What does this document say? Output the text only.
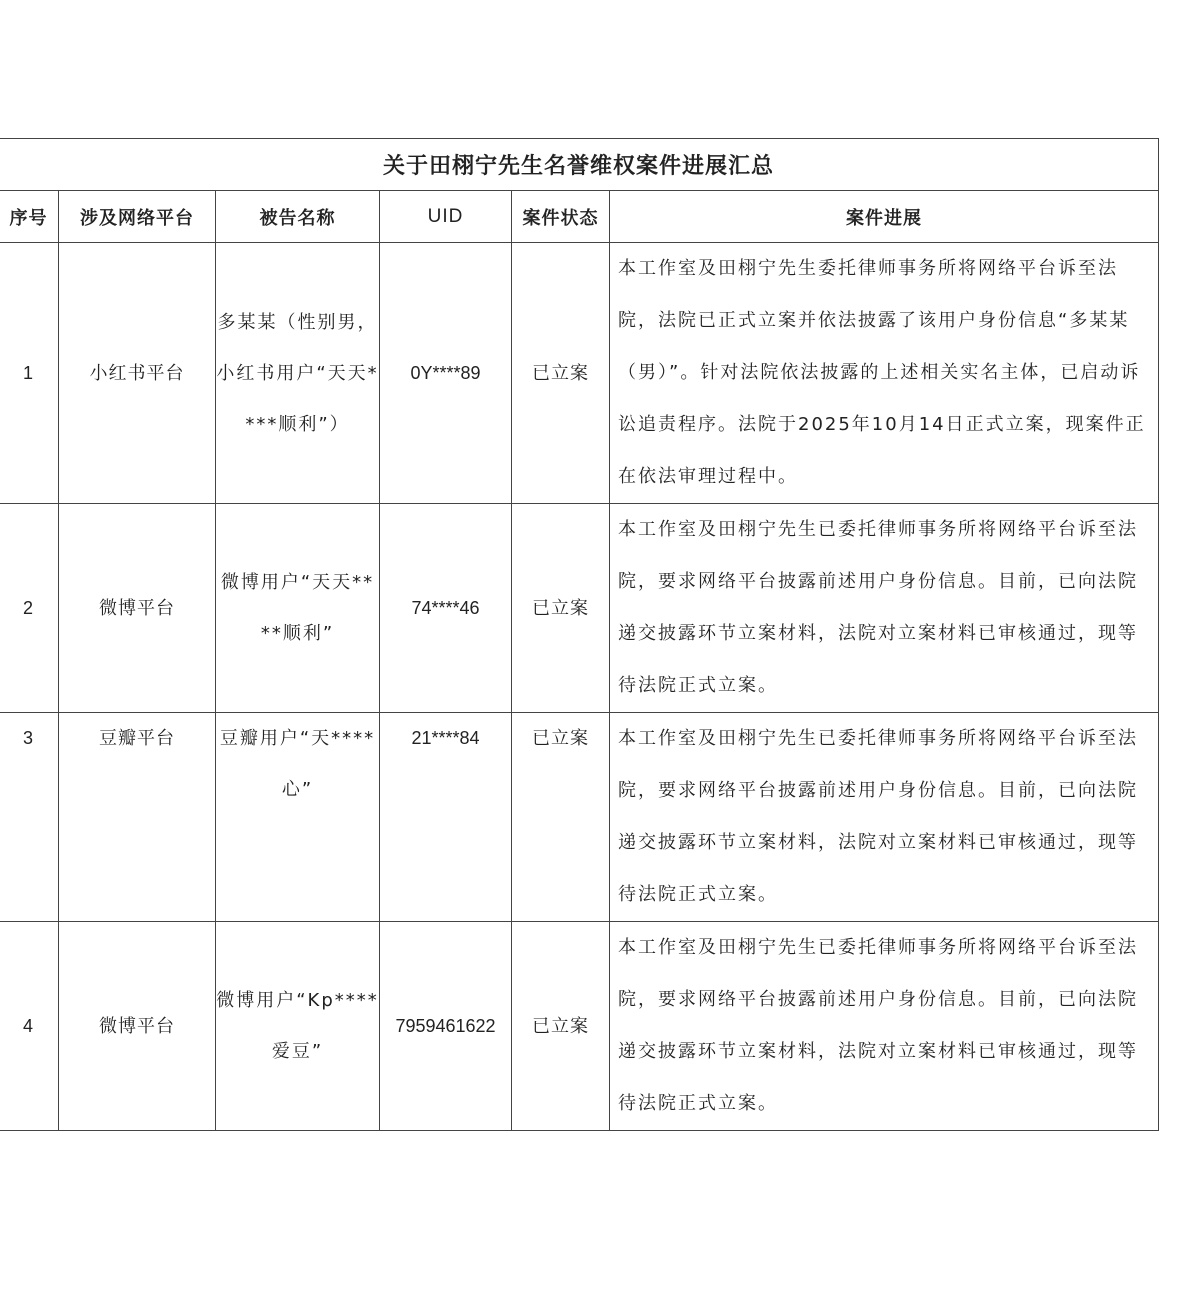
关于田栩宁先生名誉维权案件进展汇总					
序号	涉及网络平台	被告名称	UID	案件状态	案件进展
1	小红书平台	多某某（性别男，小红书用户“天天****顺利”）	0Y****89	已立案	本工作室及田栩宁先生委托律师事务所将网络平台诉至法院，法院已正式立案并依法披露了该用户身份信息“多某某（男）”。针对法院依法披露的上述相关实名主体，已启动诉讼追责程序。法院于2025年10月14日正式立案，现案件正在依法审理过程中。
2	微博平台	微博用户“天天****顺利”	74****46	已立案	本工作室及田栩宁先生已委托律师事务所将网络平台诉至法院，要求网络平台披露前述用户身份信息。目前，已向法院递交披露环节立案材料，法院对立案材料已审核通过，现等待法院正式立案。
3	豆瓣平台	豆瓣用户“天****心”	21****84	已立案	本工作室及田栩宁先生已委托律师事务所将网络平台诉至法院，要求网络平台披露前述用户身份信息。目前，已向法院递交披露环节立案材料，法院对立案材料已审核通过，现等待法院正式立案。
4	微博平台	微博用户“Kp****爱豆”	7959461622	已立案	本工作室及田栩宁先生已委托律师事务所将网络平台诉至法院，要求网络平台披露前述用户身份信息。目前，已向法院递交披露环节立案材料，法院对立案材料已审核通过，现等待法院正式立案。
